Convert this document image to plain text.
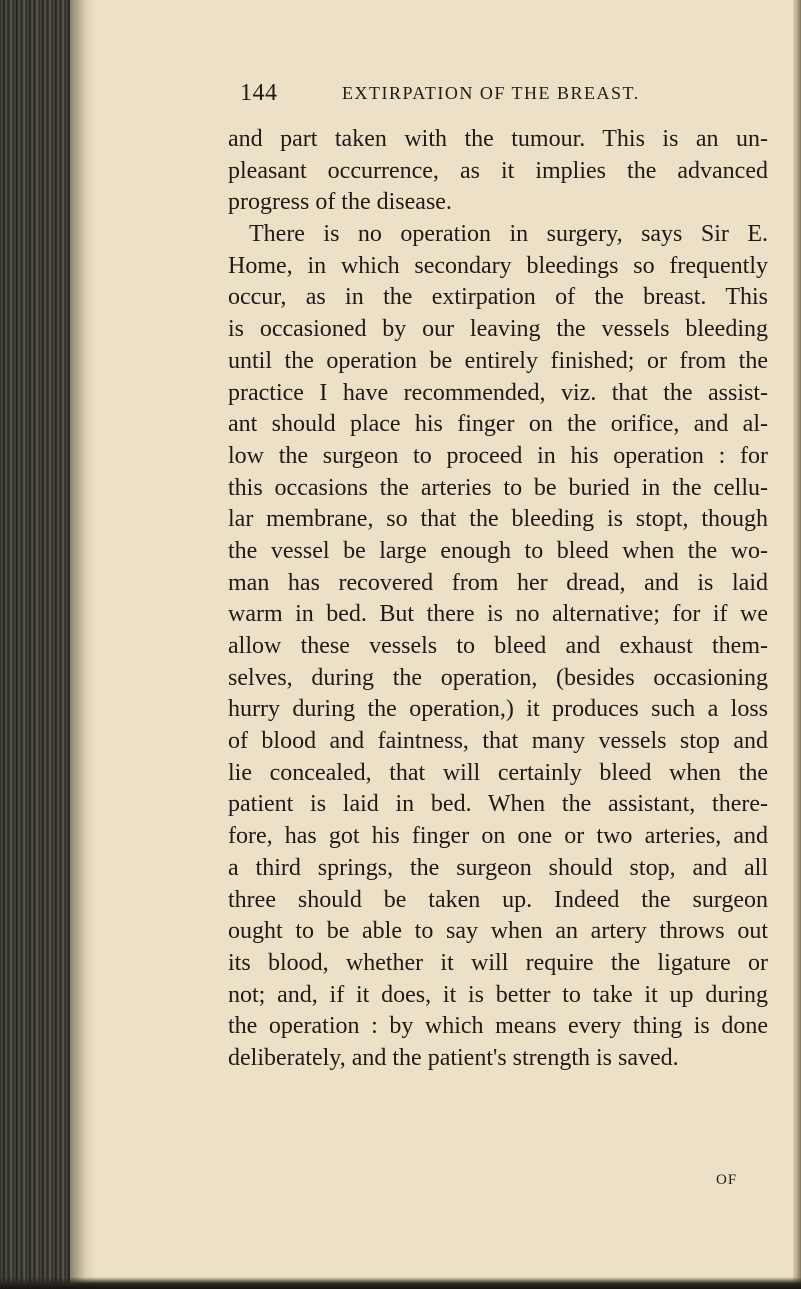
144	EXTIRPATION OF THE BREAST.
and part taken with the tumour. This is an un-
pleasant occurrence, as it implies the advanced
progress of the disease.
There is no operation in surgery, says Sir E.
Home, in which secondary bleedings so frequently
occur, as in the extirpation of the breast. This
is occasioned by our leaving the vessels bleeding
until the operation be entirely finished; or from the
practice I have recommended, viz. that the assist-
ant should place his finger on the orifice, and al-
low the surgeon to proceed in his operation : for
this occasions the arteries to be buried in the cellu-
lar membrane, so that the bleeding is stopt, though
the vessel be large enough to bleed when the wo-
man has recovered from her dread, and is laid
warm in bed. But there is no alternative; for if we
allow these vessels to bleed and exhaust them-
selves, during the operation, (besides occasioning
hurry during the operation,) it produces such a loss
of blood and faintness, that many vessels stop and
lie concealed, that will certainly bleed when the
patient is laid in bed. When the assistant, there-
fore, has got his finger on one or two arteries, and
a third springs, the surgeon should stop, and all
three should be taken up. Indeed the surgeon
ought to be able to say when an artery throws out
its blood, whether it will require the ligature or
not; and, if it does, it is better to take it up during
the operation : by which means every thing is done
deliberately, and the patient's strength is saved.
OF
